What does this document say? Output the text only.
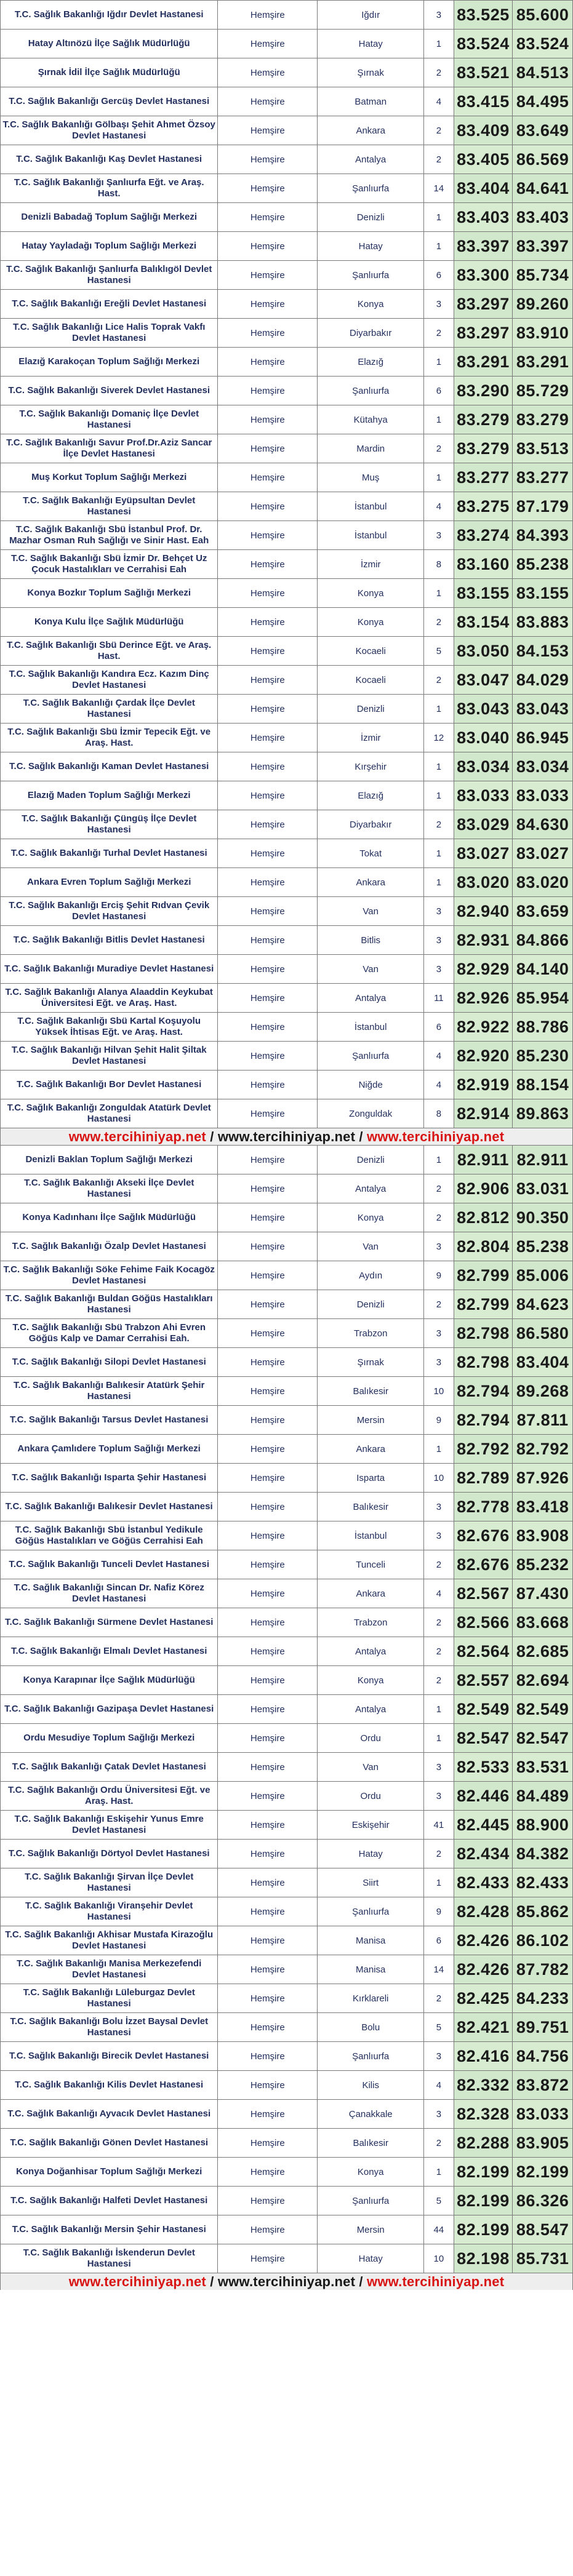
T.C. Sağlık Bakanlığı Iğdır Devlet Hastanesi	Hemşire	Iğdır	3	83.525	85.600
Hatay Altınözü İlçe Sağlık Müdürlüğü	Hemşire	Hatay	1	83.524	83.524
Şırnak İdil İlçe Sağlık Müdürlüğü	Hemşire	Şırnak	2	83.521	84.513
T.C. Sağlık Bakanlığı Gercüş Devlet Hastanesi	Hemşire	Batman	4	83.415	84.495
T.C. Sağlık Bakanlığı Gölbaşı Şehit Ahmet Özsoy Devlet Hastanesi	Hemşire	Ankara	2	83.409	83.649
T.C. Sağlık Bakanlığı Kaş Devlet Hastanesi	Hemşire	Antalya	2	83.405	86.569
T.C. Sağlık Bakanlığı Şanlıurfa Eğt. ve Araş. Hast.	Hemşire	Şanlıurfa	14	83.404	84.641
Denizli Babadağ Toplum Sağlığı Merkezi	Hemşire	Denizli	1	83.403	83.403
Hatay Yayladağı Toplum Sağlığı Merkezi	Hemşire	Hatay	1	83.397	83.397
T.C. Sağlık Bakanlığı Şanlıurfa Balıklıgöl Devlet Hastanesi	Hemşire	Şanlıurfa	6	83.300	85.734
T.C. Sağlık Bakanlığı Ereğli Devlet Hastanesi	Hemşire	Konya	3	83.297	89.260
T.C. Sağlık Bakanlığı Lice Halis Toprak Vakfı Devlet Hastanesi	Hemşire	Diyarbakır	2	83.297	83.910
Elazığ Karakoçan Toplum Sağlığı Merkezi	Hemşire	Elazığ	1	83.291	83.291
T.C. Sağlık Bakanlığı Siverek Devlet Hastanesi	Hemşire	Şanlıurfa	6	83.290	85.729
T.C. Sağlık Bakanlığı Domaniç İlçe Devlet Hastanesi	Hemşire	Kütahya	1	83.279	83.279
T.C. Sağlık Bakanlığı Savur Prof.Dr.Aziz Sancar İlçe Devlet Hastanesi	Hemşire	Mardin	2	83.279	83.513
Muş Korkut Toplum Sağlığı Merkezi	Hemşire	Muş	1	83.277	83.277
T.C. Sağlık Bakanlığı Eyüpsultan Devlet Hastanesi	Hemşire	İstanbul	4	83.275	87.179
T.C. Sağlık Bakanlığı Sbü İstanbul Prof. Dr. Mazhar Osman Ruh Sağlığı ve Sinir Hast. Eah	Hemşire	İstanbul	3	83.274	84.393
T.C. Sağlık Bakanlığı Sbü İzmir Dr. Behçet Uz Çocuk Hastalıkları ve Cerrahisi Eah	Hemşire	İzmir	8	83.160	85.238
Konya Bozkır Toplum Sağlığı Merkezi	Hemşire	Konya	1	83.155	83.155
Konya Kulu İlçe Sağlık Müdürlüğü	Hemşire	Konya	2	83.154	83.883
T.C. Sağlık Bakanlığı Sbü Derince Eğt. ve Araş. Hast.	Hemşire	Kocaeli	5	83.050	84.153
T.C. Sağlık Bakanlığı Kandıra Ecz. Kazım Dinç Devlet Hastanesi	Hemşire	Kocaeli	2	83.047	84.029
T.C. Sağlık Bakanlığı Çardak İlçe Devlet Hastanesi	Hemşire	Denizli	1	83.043	83.043
T.C. Sağlık Bakanlığı Sbü İzmir Tepecik Eğt. ve Araş. Hast.	Hemşire	İzmir	12	83.040	86.945
T.C. Sağlık Bakanlığı Kaman Devlet Hastanesi	Hemşire	Kırşehir	1	83.034	83.034
Elazığ Maden Toplum Sağlığı Merkezi	Hemşire	Elazığ	1	83.033	83.033
T.C. Sağlık Bakanlığı Çüngüş İlçe Devlet Hastanesi	Hemşire	Diyarbakır	2	83.029	84.630
T.C. Sağlık Bakanlığı Turhal Devlet Hastanesi	Hemşire	Tokat	1	83.027	83.027
Ankara Evren Toplum Sağlığı Merkezi	Hemşire	Ankara	1	83.020	83.020
T.C. Sağlık Bakanlığı Erciş Şehit Rıdvan Çevik Devlet Hastanesi	Hemşire	Van	3	82.940	83.659
T.C. Sağlık Bakanlığı Bitlis Devlet Hastanesi	Hemşire	Bitlis	3	82.931	84.866
T.C. Sağlık Bakanlığı Muradiye Devlet Hastanesi	Hemşire	Van	3	82.929	84.140
T.C. Sağlık Bakanlığı Alanya Alaaddin Keykubat Üniversitesi Eğt. ve Araş. Hast.	Hemşire	Antalya	11	82.926	85.954
T.C. Sağlık Bakanlığı Sbü Kartal Koşuyolu Yüksek İhtisas Eğt. ve Araş. Hast.	Hemşire	İstanbul	6	82.922	88.786
T.C. Sağlık Bakanlığı Hilvan Şehit Halit Şiltak Devlet Hastanesi	Hemşire	Şanlıurfa	4	82.920	85.230
T.C. Sağlık Bakanlığı Bor Devlet Hastanesi	Hemşire	Niğde	4	82.919	88.154
T.C. Sağlık Bakanlığı Zonguldak Atatürk Devlet Hastanesi	Hemşire	Zonguldak	8	82.914	89.863
www.tercihiniyap.net / www.tercihiniyap.net / www.tercihiniyap.net
Denizli Baklan Toplum Sağlığı Merkezi	Hemşire	Denizli	1	82.911	82.911
T.C. Sağlık Bakanlığı Akseki İlçe Devlet Hastanesi	Hemşire	Antalya	2	82.906	83.031
Konya Kadınhanı İlçe Sağlık Müdürlüğü	Hemşire	Konya	2	82.812	90.350
T.C. Sağlık Bakanlığı Özalp Devlet Hastanesi	Hemşire	Van	3	82.804	85.238
T.C. Sağlık Bakanlığı Söke Fehime Faik Kocagöz Devlet Hastanesi	Hemşire	Aydın	9	82.799	85.006
T.C. Sağlık Bakanlığı Buldan Göğüs Hastalıkları Hastanesi	Hemşire	Denizli	2	82.799	84.623
T.C. Sağlık Bakanlığı Sbü Trabzon Ahi Evren Göğüs Kalp ve Damar Cerrahisi Eah.	Hemşire	Trabzon	3	82.798	86.580
T.C. Sağlık Bakanlığı Silopi Devlet Hastanesi	Hemşire	Şırnak	3	82.798	83.404
T.C. Sağlık Bakanlığı Balıkesir Atatürk Şehir Hastanesi	Hemşire	Balıkesir	10	82.794	89.268
T.C. Sağlık Bakanlığı Tarsus Devlet Hastanesi	Hemşire	Mersin	9	82.794	87.811
Ankara Çamlıdere Toplum Sağlığı Merkezi	Hemşire	Ankara	1	82.792	82.792
T.C. Sağlık Bakanlığı Isparta Şehir Hastanesi	Hemşire	Isparta	10	82.789	87.926
T.C. Sağlık Bakanlığı Balıkesir Devlet Hastanesi	Hemşire	Balıkesir	3	82.778	83.418
T.C. Sağlık Bakanlığı Sbü İstanbul Yedikule Göğüs Hastalıkları ve Göğüs Cerrahisi Eah	Hemşire	İstanbul	3	82.676	83.908
T.C. Sağlık Bakanlığı Tunceli Devlet Hastanesi	Hemşire	Tunceli	2	82.676	85.232
T.C. Sağlık Bakanlığı Sincan Dr. Nafiz Körez Devlet Hastanesi	Hemşire	Ankara	4	82.567	87.430
T.C. Sağlık Bakanlığı Sürmene Devlet Hastanesi	Hemşire	Trabzon	2	82.566	83.668
T.C. Sağlık Bakanlığı Elmalı Devlet Hastanesi	Hemşire	Antalya	2	82.564	82.685
Konya Karapınar İlçe Sağlık Müdürlüğü	Hemşire	Konya	2	82.557	82.694
T.C. Sağlık Bakanlığı Gazipaşa Devlet Hastanesi	Hemşire	Antalya	1	82.549	82.549
Ordu Mesudiye Toplum Sağlığı Merkezi	Hemşire	Ordu	1	82.547	82.547
T.C. Sağlık Bakanlığı Çatak Devlet Hastanesi	Hemşire	Van	3	82.533	83.531
T.C. Sağlık Bakanlığı Ordu Üniversitesi Eğt. ve Araş. Hast.	Hemşire	Ordu	3	82.446	84.489
T.C. Sağlık Bakanlığı Eskişehir Yunus Emre Devlet Hastanesi	Hemşire	Eskişehir	41	82.445	88.900
T.C. Sağlık Bakanlığı Dörtyol Devlet Hastanesi	Hemşire	Hatay	2	82.434	84.382
T.C. Sağlık Bakanlığı Şirvan İlçe Devlet Hastanesi	Hemşire	Siirt	1	82.433	82.433
T.C. Sağlık Bakanlığı Viranşehir Devlet Hastanesi	Hemşire	Şanlıurfa	9	82.428	85.862
T.C. Sağlık Bakanlığı Akhisar Mustafa Kirazoğlu Devlet Hastanesi	Hemşire	Manisa	6	82.426	86.102
T.C. Sağlık Bakanlığı Manisa Merkezefendi Devlet Hastanesi	Hemşire	Manisa	14	82.426	87.782
T.C. Sağlık Bakanlığı Lüleburgaz Devlet Hastanesi	Hemşire	Kırklareli	2	82.425	84.233
T.C. Sağlık Bakanlığı Bolu İzzet Baysal Devlet Hastanesi	Hemşire	Bolu	5	82.421	89.751
T.C. Sağlık Bakanlığı Birecik Devlet Hastanesi	Hemşire	Şanlıurfa	3	82.416	84.756
T.C. Sağlık Bakanlığı Kilis Devlet Hastanesi	Hemşire	Kilis	4	82.332	83.872
T.C. Sağlık Bakanlığı Ayvacık Devlet Hastanesi	Hemşire	Çanakkale	3	82.328	83.033
T.C. Sağlık Bakanlığı Gönen Devlet Hastanesi	Hemşire	Balıkesir	2	82.288	83.905
Konya Doğanhisar Toplum Sağlığı Merkezi	Hemşire	Konya	1	82.199	82.199
T.C. Sağlık Bakanlığı Halfeti Devlet Hastanesi	Hemşire	Şanlıurfa	5	82.199	86.326
T.C. Sağlık Bakanlığı Mersin Şehir Hastanesi	Hemşire	Mersin	44	82.199	88.547
T.C. Sağlık Bakanlığı İskenderun Devlet Hastanesi	Hemşire	Hatay	10	82.198	85.731
www.tercihiniyap.net / www.tercihiniyap.net / www.tercihiniyap.net
